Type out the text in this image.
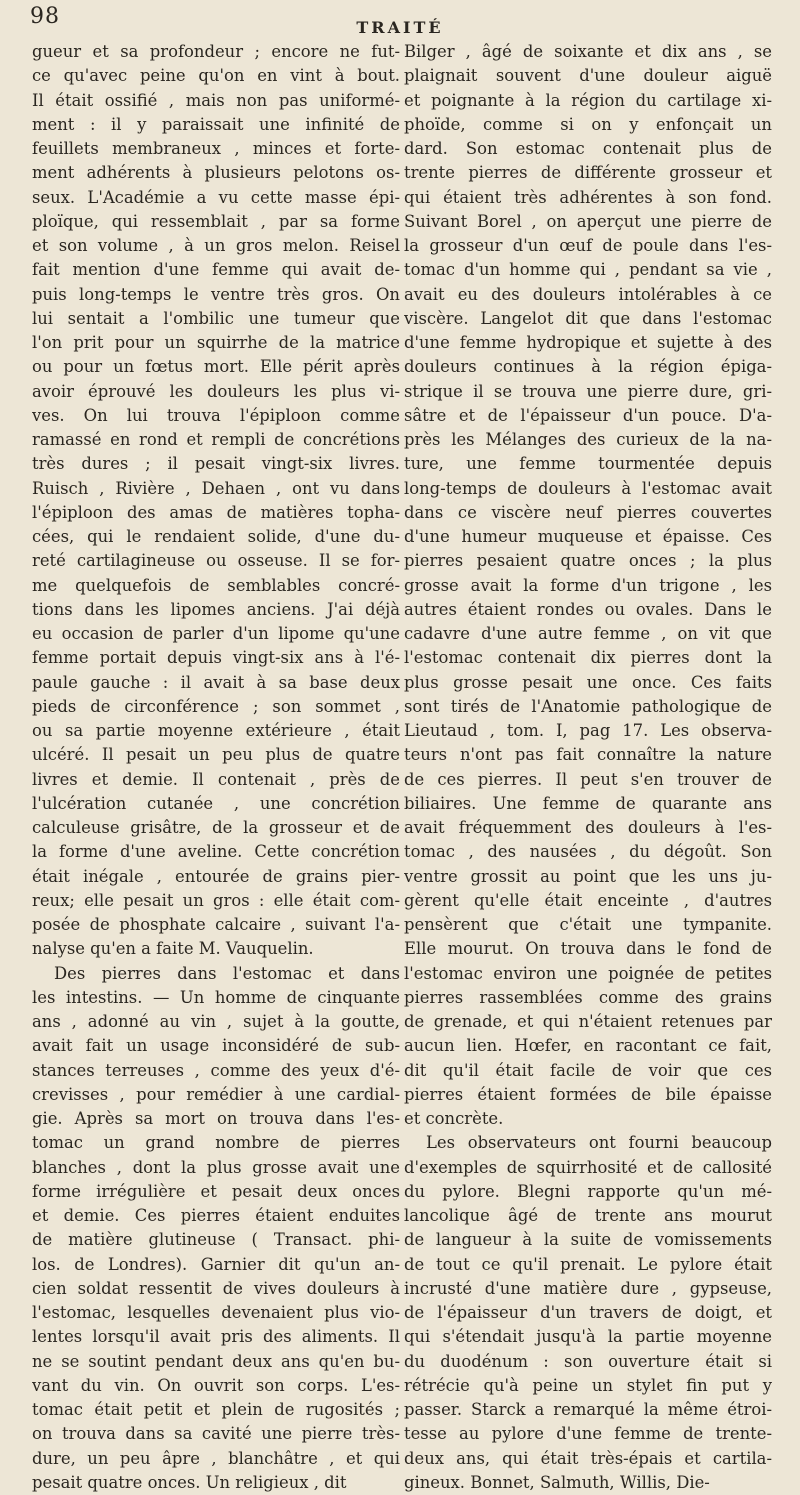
98	TRAITÉ
gueur et sa profondeur ; encore ne fut-
ce qu'avec peine qu'on en vint à bout.
Il était ossifié , mais non pas uniformé-
ment : il y paraissait une infinité de
feuillets membraneux , minces et forte-
ment adhérents à plusieurs pelotons os-
seux. L'Académie a vu cette masse épi-
ploïque, qui ressemblait , par sa forme
et son volume , à un gros melon. Reisel
fait mention d'une femme qui avait de-
puis long-temps le ventre très gros. On
lui sentait a l'ombilic une tumeur que
l'on prit pour un squirrhe de la matrice
ou pour un fœtus mort. Elle périt après
avoir éprouvé les douleurs les plus vi-
ves. On lui trouva l'épiploon comme
ramassé en rond et rempli de concrétions
très dures ; il pesait vingt-six livres.
Ruisch , Rivière , Dehaen , ont vu dans
l'épiploon des amas de matières topha-
cées, qui le rendaient solide, d'une du-
reté cartilagineuse ou osseuse. Il se for-
me quelquefois de semblables concré-
tions dans les lipomes anciens. J'ai déjà
eu occasion de parler d'un lipome qu'une
femme portait depuis vingt-six ans à l'é-
paule gauche : il avait à sa base deux
pieds de circonférence ; son sommet ,
ou sa partie moyenne extérieure , était
ulcéré. Il pesait un peu plus de quatre
livres et demie. Il contenait , près de
l'ulcération cutanée , une concrétion
calculeuse grisâtre, de la grosseur et de
la forme d'une aveline. Cette concrétion
était inégale , entourée de grains pier-
reux; elle pesait un gros : elle était com-
posée de phosphate calcaire , suivant l'a-
nalyse qu'en a faite M. Vauquelin.
Des pierres dans l'estomac et dans
les intestins. — Un homme de cinquante
ans , adonné au vin , sujet à la goutte,
avait fait un usage inconsidéré de sub-
stances terreuses , comme des yeux d'é-
crevisses , pour remédier à une cardial-
gie. Après sa mort on trouva dans l'es-
tomac un grand nombre de pierres
blanches , dont la plus grosse avait une
forme irrégulière et pesait deux onces
et demie. Ces pierres étaient enduites
de matière glutineuse ( Transact. phi-
los. de Londres). Garnier dit qu'un an-
cien soldat ressentit de vives douleurs à
l'estomac, lesquelles devenaient plus vio-
lentes lorsqu'il avait pris des aliments. Il
ne se soutint pendant deux ans qu'en bu-
vant du vin. On ouvrit son corps. L'es-
tomac était petit et plein de rugosités ;
on trouva dans sa cavité une pierre très-
dure, un peu âpre , blanchâtre , et qui
pesait quatre onces. Un religieux , dit
Bilger , âgé de soixante et dix ans , se
plaignait souvent d'une douleur aiguë
et poignante à la région du cartilage xi-
phoïde, comme si on y enfonçait un
dard. Son estomac contenait plus de
trente pierres de différente grosseur et
qui étaient très adhérentes à son fond.
Suivant Borel , on aperçut une pierre de
la grosseur d'un œuf de poule dans l'es-
tomac d'un homme qui , pendant sa vie ,
avait eu des douleurs intolérables à ce
viscère. Langelot dit que dans l'estomac
d'une femme hydropique et sujette à des
douleurs continues à la région épiga-
strique il se trouva une pierre dure, gri-
sâtre et de l'épaisseur d'un pouce. D'a-
près les Mélanges des curieux de la na-
ture, une femme tourmentée depuis
long-temps de douleurs à l'estomac avait
dans ce viscère neuf pierres couvertes
d'une humeur muqueuse et épaisse. Ces
pierres pesaient quatre onces ; la plus
grosse avait la forme d'un trigone , les
autres étaient rondes ou ovales. Dans le
cadavre d'une autre femme , on vit que
l'estomac contenait dix pierres dont la
plus grosse pesait une once. Ces faits
sont tirés de l'Anatomie pathologique de
Lieutaud , tom. I, pag 17. Les observa-
teurs n'ont pas fait connaître la nature
de ces pierres. Il peut s'en trouver de
biliaires. Une femme de quarante ans
avait fréquemment des douleurs à l'es-
tomac , des nausées , du dégoût. Son
ventre grossit au point que les uns ju-
gèrent qu'elle était enceinte , d'autres
pensèrent que c'était une tympanite.
Elle mourut. On trouva dans le fond de
l'estomac environ une poignée de petites
pierres rassemblées comme des grains
de grenade, et qui n'étaient retenues par
aucun lien. Hœfer, en racontant ce fait,
dit qu'il était facile de voir que ces
pierres étaient formées de bile épaisse
et concrète.
Les observateurs ont fourni beaucoup
d'exemples de squirrhosité et de callosité
du pylore. Blegni rapporte qu'un mé-
lancolique âgé de trente ans mourut
de langueur à la suite de vomissements
de tout ce qu'il prenait. Le pylore était
incrusté d'une matière dure , gypseuse,
de l'épaisseur d'un travers de doigt, et
qui s'étendait jusqu'à la partie moyenne
du duodénum : son ouverture était si
rétrécie qu'à peine un stylet fin put y
passer. Starck a remarqué la même étroi-
tesse au pylore d'une femme de trente-
deux ans, qui était très-épais et cartila-
gineux. Bonnet, Salmuth, Willis, Die-
